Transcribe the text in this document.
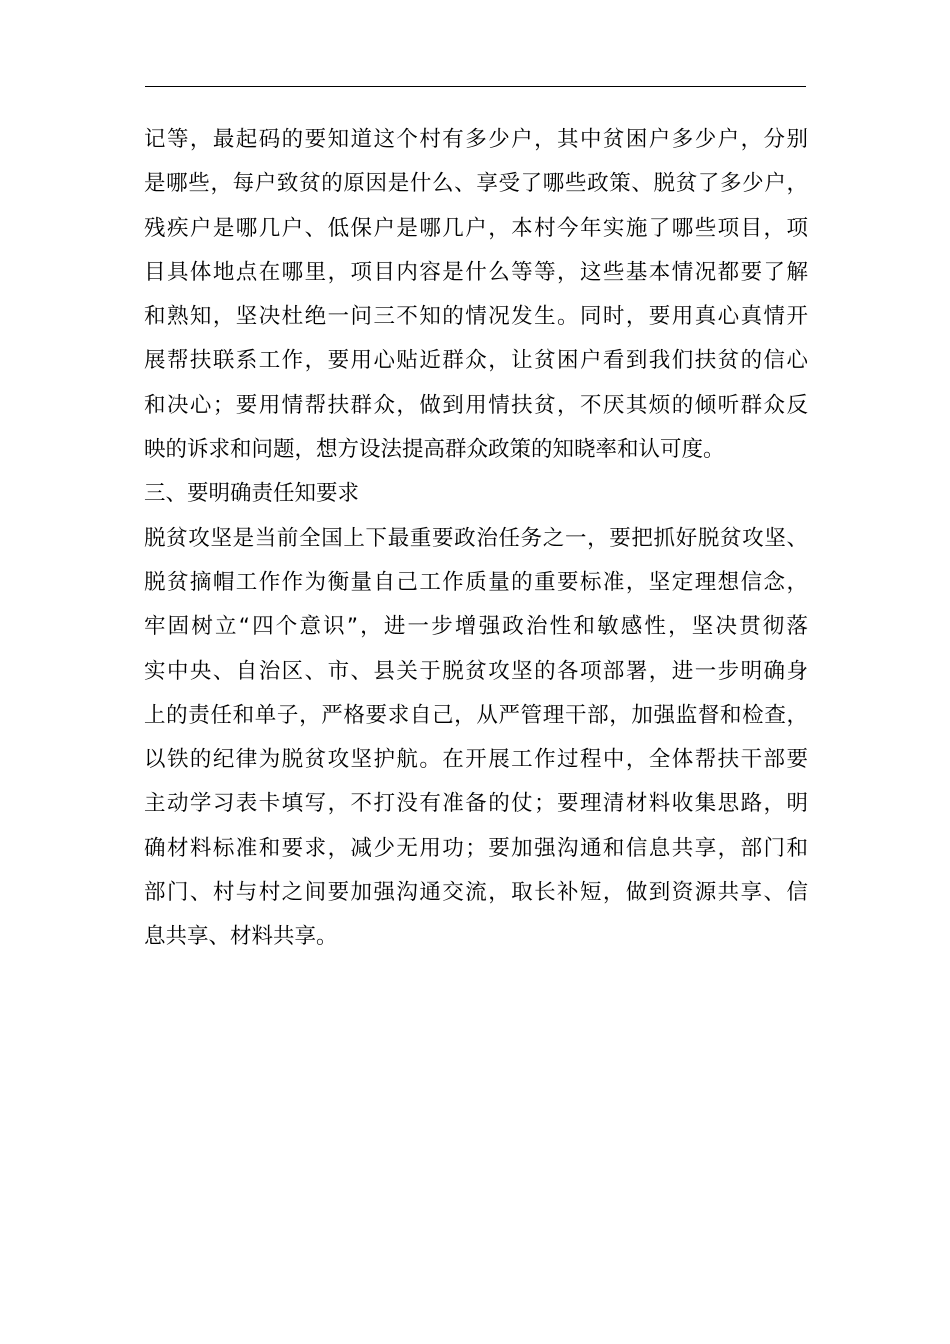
记等，最起码的要知道这个村有多少户，其中贫困户多少户，分别
是哪些，每户致贫的原因是什么、享受了哪些政策、脱贫了多少户，
残疾户是哪几户、低保户是哪几户，本村今年实施了哪些项目，项
目具体地点在哪里，项目内容是什么等等，这些基本情况都要了解
和熟知，坚决杜绝一问三不知的情况发生。同时，要用真心真情开
展帮扶联系工作，要用心贴近群众，让贫困户看到我们扶贫的信心
和决心；要用情帮扶群众，做到用情扶贫，不厌其烦的倾听群众反
映的诉求和问题，想方设法提高群众政策的知晓率和认可度。
三、要明确责任知要求
脱贫攻坚是当前全国上下最重要政治任务之一，要把抓好脱贫攻坚、
脱贫摘帽工作作为衡量自己工作质量的重要标准，坚定理想信念，
牢固树立“四个意识”，进一步增强政治性和敏感性，坚决贯彻落
实中央、自治区、市、县关于脱贫攻坚的各项部署，进一步明确身
上的责任和单子，严格要求自己，从严管理干部，加强监督和检查，
以铁的纪律为脱贫攻坚护航。在开展工作过程中，全体帮扶干部要
主动学习表卡填写，不打没有准备的仗；要理清材料收集思路，明
确材料标准和要求，减少无用功；要加强沟通和信息共享，部门和
部门、村与村之间要加强沟通交流，取长补短，做到资源共享、信
息共享、材料共享。
